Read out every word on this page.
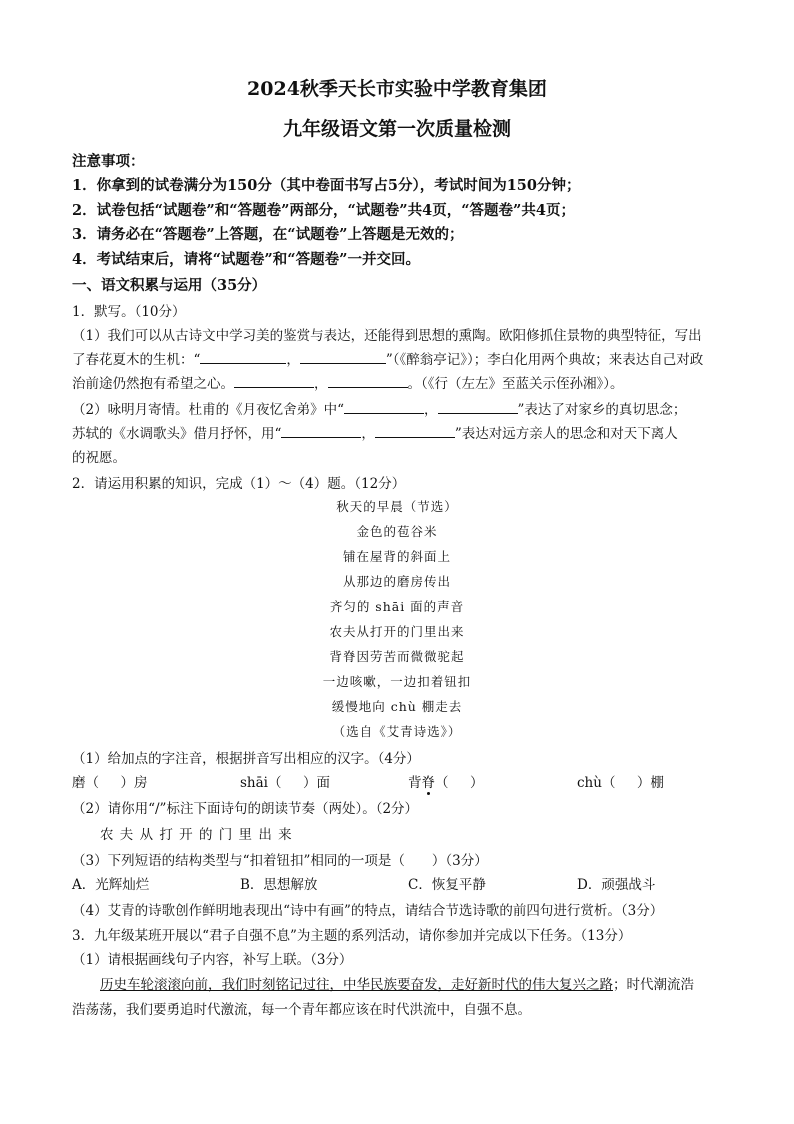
2024秋季天长市实验中学教育集团
九年级语文第一次质量检测
注意事项：
1．你拿到的试卷满分为150分（其中卷面书写占5分），考试时间为150分钟；
2．试卷包括“试题卷”和“答题卷”两部分，“试题卷”共4页，“答题卷”共4页；
3．请务必在“答题卷”上答题，在“试题卷”上答题是无效的；
4．考试结束后，请将“试题卷”和“答题卷”一并交回。
一、语文积累与运用（35分）
1．默写。（10分）
（1）我们可以从古诗文中学习美的鉴赏与表达，还能得到思想的熏陶。欧阳修抓住景物的典型特征，写出
了春花夏木的生机：“	，	”（《醉翁亭记》）；李白化用两个典故；来表达自己对政
治前途仍然抱有希望之心。	，	。（《行（左左》至蓝关示侄孙湘》）。
（2）咏明月寄情。杜甫的《月夜忆舍弟》中“	，	”表达了对家乡的真切思念；
苏轼的《水调歌头》借月抒怀，用“	，	”表达对远方亲人的思念和对天下离人
的祝愿。
2．请运用积累的知识，完成（1）～（4）题。（12分）
秋天的早晨（节选）
金色的苞谷米
铺在屋背的斜面上
从那边的磨房传出
齐匀的 shāi 面的声音
农夫从打开的门里出来
背脊因劳苦而微微驼起
一边咳嗽，一边扣着钮扣
缓慢地向 chù 棚走去
（选自《艾青诗选》）
（1）给加点的字注音，根据拼音写出相应的汉字。（4分）
磨（ ）房	shāi（ ）面	背脊（ ）	chù（ ）棚
（2）请你用“/”标注下面诗句的朗读节奏（两处）。（2分）
农 夫 从 打 开 的 门 里 出 来
（3）下列短语的结构类型与“扣着钮扣”相同的一项是（　　）（3分）
A．光辉灿烂	B．思想解放	C．恢复平静	D．顽强战斗
（4）艾青的诗歌创作鲜明地表现出“诗中有画”的特点，请结合节选诗歌的前四句进行赏析。（3分）
3．九年级某班开展以“君子自强不息”为主题的系列活动，请你参加并完成以下任务。（13分）
（1）请根据画线句子内容，补写上联。（3分）
历史车轮滚滚向前，我们时刻铭记过往，中华民族要奋发，走好新时代的伟大复兴之路；时代潮流浩
浩荡荡，我们要勇追时代激流，每一个青年都应该在时代洪流中，自强不息。
